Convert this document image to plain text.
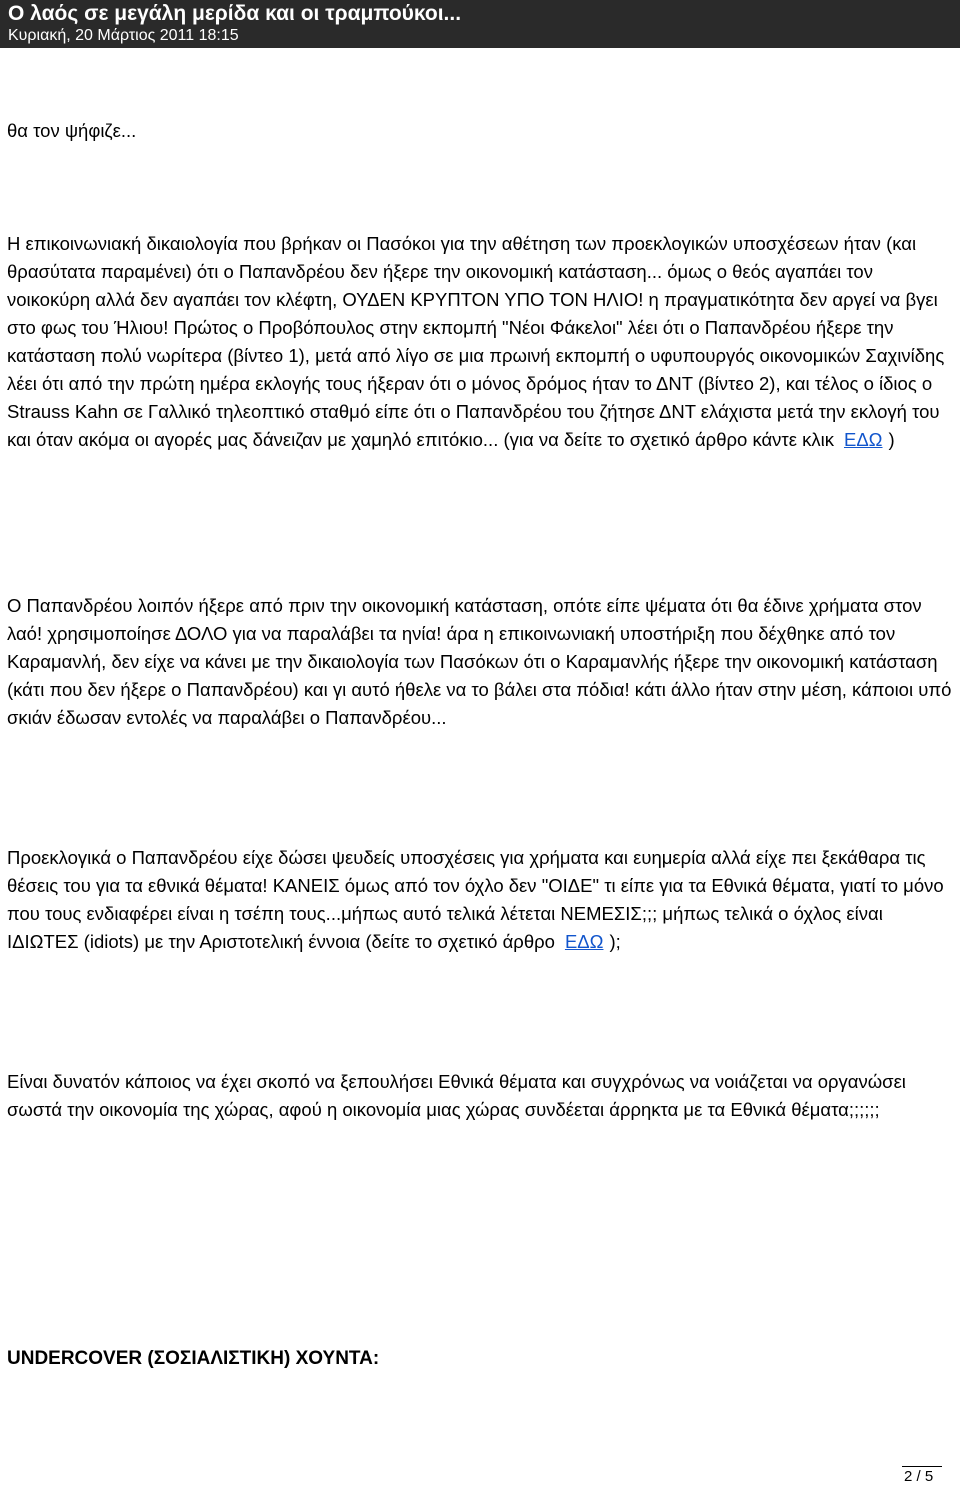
Ο λαός σε μεγάλη μερίδα και οι τραμπούκοι...
Κυριακή, 20 Μάρτιος 2011 18:15

θα τον ψήφιζε...

Η επικοινωνιακή δικαιολογία που βρήκαν οι Πασόκοι για την αθέτηση των προεκλογικών υποσχέσεων ήταν (και θρασύτατα παραμένει) ότι ο Παπανδρέου δεν ήξερε την οικονομική κατάσταση... όμως ο θεός αγαπάει τον νοικοκύρη αλλά δεν αγαπάει τον κλέφτη, ΟΥΔΕΝ ΚΡΥΠΤΟΝ ΥΠΟ ΤΟΝ ΗΛΙΟ! η πραγματικότητα δεν αργεί να βγει στο φως του Ήλιου! Πρώτος ο Προβόπουλος στην εκπομπή "Νέοι Φάκελοι" λέει ότι ο Παπανδρέου ήξερε την κατάσταση πολύ νωρίτερα (βίντεο 1), μετά από λίγο σε μια πρωινή εκπομπή ο υφυπουργός οικονομικών Σαχινίδης λέει ότι από την πρώτη ημέρα εκλογής τους ήξεραν ότι ο μόνος δρόμος ήταν το ΔΝΤ (βίντεο 2), και τέλος ο ίδιος ο Strauss Kahn σε Γαλλικό τηλεοπτικό σταθμό είπε ότι ο Παπανδρέου του ζήτησε ΔΝΤ ελάχιστα μετά την εκλογή του και όταν ακόμα οι αγορές μας δάνειζαν με χαμηλό επιτόκιο... (για να δείτε το σχετικό άρθρο κάντε κλικ ΕΔΩ )

Ο Παπανδρέου λοιπόν ήξερε από πριν την οικονομική κατάσταση, οπότε είπε ψέματα ότι θα έδινε χρήματα στον λαό! χρησιμοποίησε ΔΟΛΟ για να παραλάβει τα ηνία! άρα η επικοινωνιακή υποστήριξη που δέχθηκε από τον Καραμανλή, δεν είχε να κάνει με την δικαιολογία των Πασόκων ότι ο Καραμανλής ήξερε την οικονομική κατάσταση (κάτι που δεν ήξερε ο Παπανδρέου) και γι αυτό ήθελε να το βάλει στα πόδια! κάτι άλλο ήταν στην μέση, κάποιοι υπό σκιάν έδωσαν εντολές να παραλάβει ο Παπανδρέου...

Προεκλογικά ο Παπανδρέου είχε δώσει ψευδείς υποσχέσεις για χρήματα και ευημερία αλλά είχε πει ξεκάθαρα τις θέσεις του για τα εθνικά θέματα! ΚΑΝΕΙΣ όμως από τον όχλο δεν "ΟΙΔΕ" τι είπε για τα Εθνικά θέματα, γιατί το μόνο που τους ενδιαφέρει είναι η τσέπη τους...μήπως αυτό τελικά λέτεται ΝΕΜΕΣΙΣ;;; μήπως τελικά ο όχλος είναι ΙΔΙΩΤΕΣ (idiots) με την Αριστοτελική έννοια (δείτε το σχετικό άρθρο ΕΔΩ );

Είναι δυνατόν κάποιος να έχει σκοπό να ξεπουλήσει Εθνικά θέματα και συγχρόνως να νοιάζεται να οργανώσει σωστά την οικονομία της χώρας, αφού η οικονομία μιας χώρας συνδέεται άρρηκτα με τα Εθνικά θέματα;;;;;;

UNDERCOVER (ΣΟΣΙΑΛΙΣΤΙΚΗ) ΧΟΥΝΤΑ:

2 / 5
